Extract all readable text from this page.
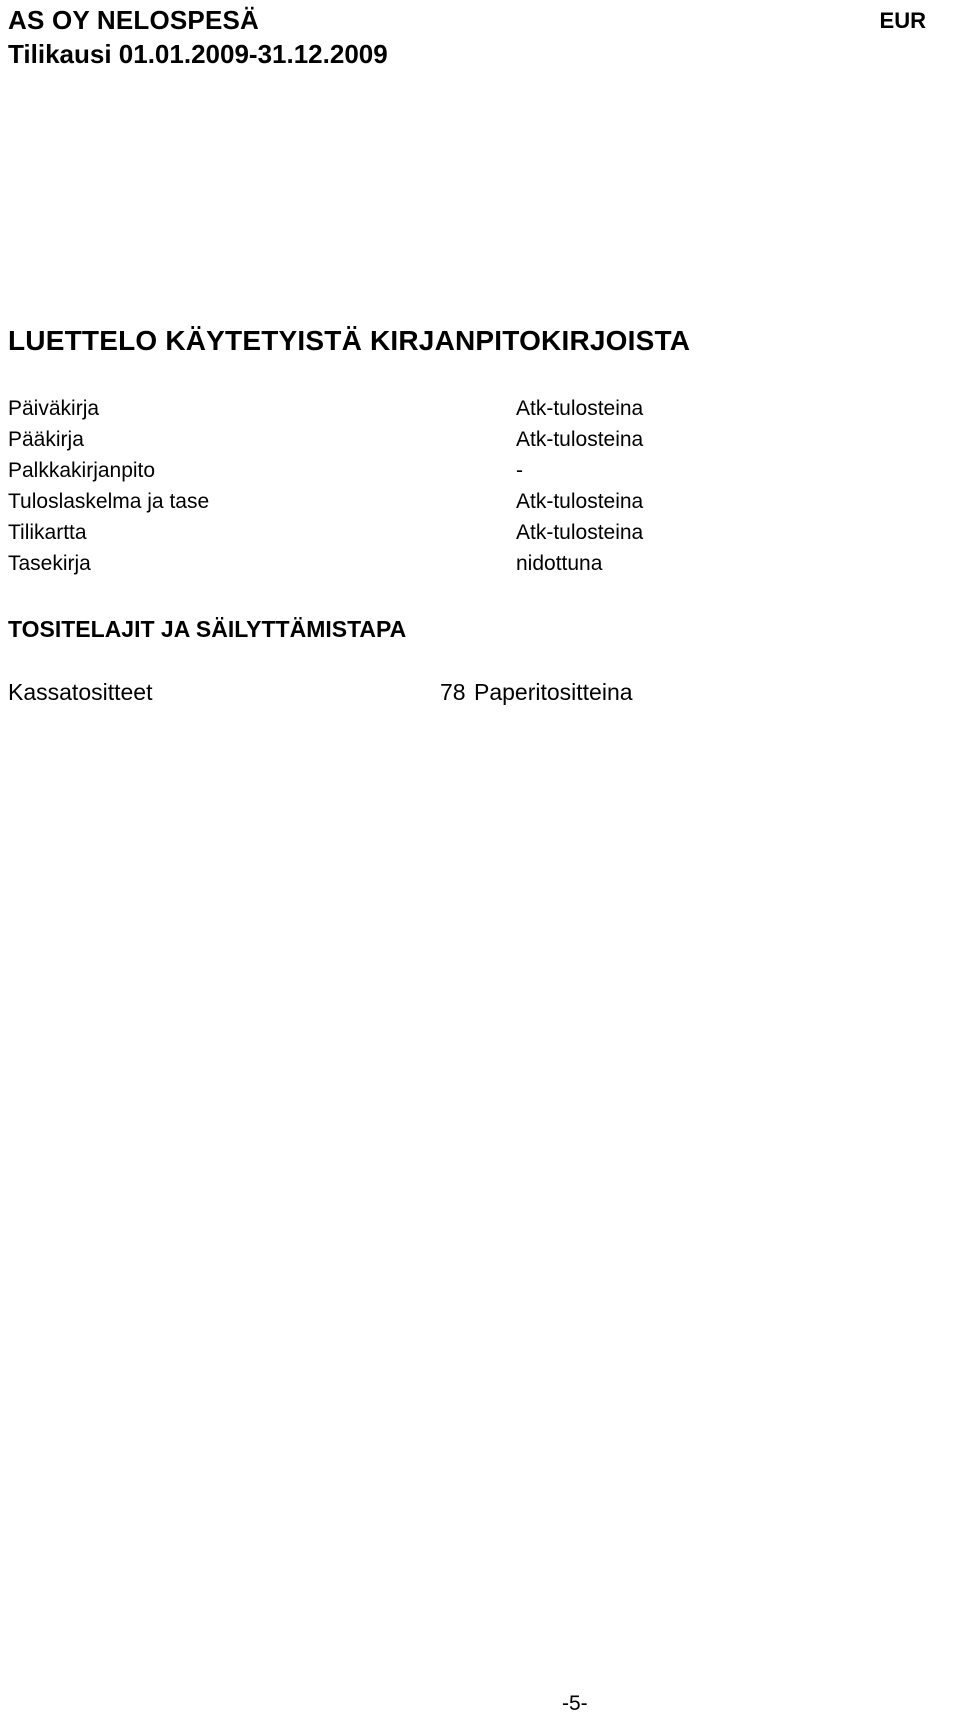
AS OY NELOSPESÄ
Tilikausi 01.01.2009-31.12.2009
EUR
LUETTELO KÄYTETYISTÄ KIRJANPITOKIRJOISTA
Päiväkirja	Atk-tulosteina
Pääkirja	Atk-tulosteina
Palkkakirjanpito	-
Tuloslaskelma ja tase	Atk-tulosteina
Tilikartta	Atk-tulosteina
Tasekirja	nidottuna
TOSITELAJIT JA SÄILYTTÄMISTAPA
Kassatositteet	78 Paperitositteina
-5-
